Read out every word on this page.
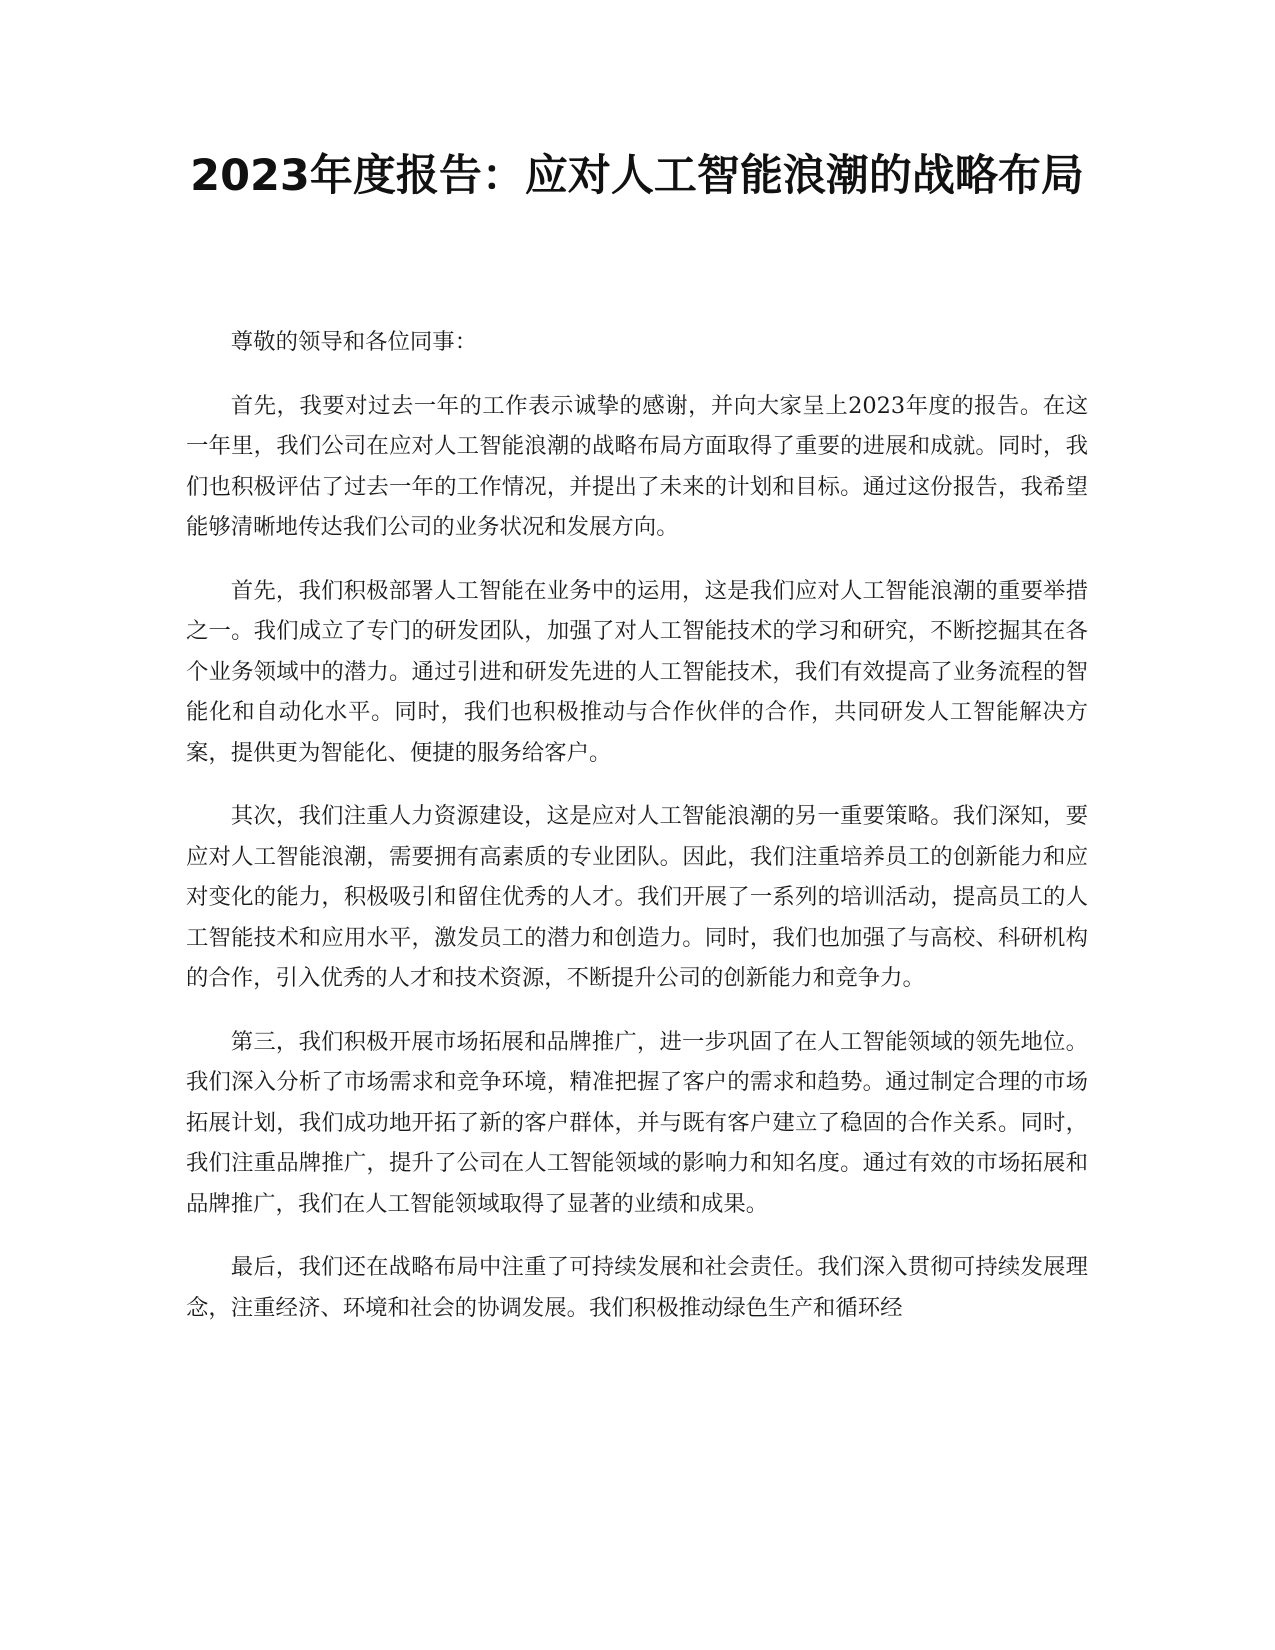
2023年度报告：应对人工智能浪潮的战略布局

尊敬的领导和各位同事：

首先，我要对过去一年的工作表示诚挚的感谢，并向大家呈上2023年度的报告。在这一年里，我们公司在应对人工智能浪潮的战略布局方面取得了重要的进展和成就。同时，我们也积极评估了过去一年的工作情况，并提出了未来的计划和目标。通过这份报告，我希望能够清晰地传达我们公司的业务状况和发展方向。

首先，我们积极部署人工智能在业务中的运用，这是我们应对人工智能浪潮的重要举措之一。我们成立了专门的研发团队，加强了对人工智能技术的学习和研究，不断挖掘其在各个业务领域中的潜力。通过引进和研发先进的人工智能技术，我们有效提高了业务流程的智能化和自动化水平。同时，我们也积极推动与合作伙伴的合作，共同研发人工智能解决方案，提供更为智能化、便捷的服务给客户。

其次，我们注重人力资源建设，这是应对人工智能浪潮的另一重要策略。我们深知，要应对人工智能浪潮，需要拥有高素质的专业团队。因此，我们注重培养员工的创新能力和应对变化的能力，积极吸引和留住优秀的人才。我们开展了一系列的培训活动，提高员工的人工智能技术和应用水平，激发员工的潜力和创造力。同时，我们也加强了与高校、科研机构的合作，引入优秀的人才和技术资源，不断提升公司的创新能力和竞争力。

第三，我们积极开展市场拓展和品牌推广，进一步巩固了在人工智能领域的领先地位。我们深入分析了市场需求和竞争环境，精准把握了客户的需求和趋势。通过制定合理的市场拓展计划，我们成功地开拓了新的客户群体，并与既有客户建立了稳固的合作关系。同时，我们注重品牌推广，提升了公司在人工智能领域的影响力和知名度。通过有效的市场拓展和品牌推广，我们在人工智能领域取得了显著的业绩和成果。

最后，我们还在战略布局中注重了可持续发展和社会责任。我们深入贯彻可持续发展理念，注重经济、环境和社会的协调发展。我们积极推动绿色生产和循环经
